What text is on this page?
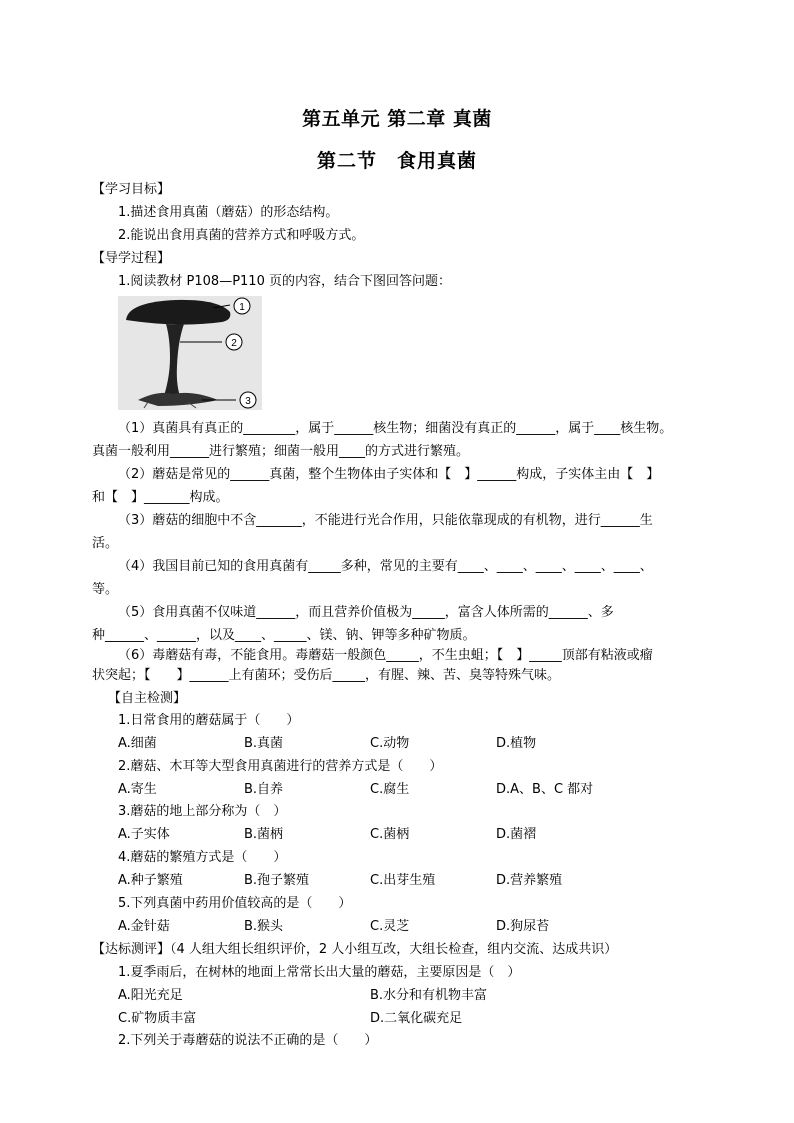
第五单元 第二章 真菌
第二节　食用真菌
【学习目标】
1.描述食用真菌（蘑菇）的形态结构。
2.能说出食用真菌的营养方式和呼吸方式。
【导学过程】
1.阅读教材 P108—P110 页的内容，结合下图回答问题：
1
2
3
（1）真菌具有真正的________，属于______核生物；细菌没有真正的______，属于____核生物。
真菌一般利用______进行繁殖；细菌一般用____的方式进行繁殖。
（2）蘑菇是常见的______真菌，整个生物体由子实体和【　】______构成，子实体主由【　】
和【　】_______构成。
（3）蘑菇的细胞中不含_______，不能进行光合作用，只能依靠现成的有机物，进行______生
活。
（4）我国目前已知的食用真菌有_____多种，常见的主要有____、____、____、____、____、
等。
（5）食用真菌不仅味道______，而且营养价值极为_____，富含人体所需的______、多
种______、______，以及____、_____、镁、钠、钾等多种矿物质。
（6）毒蘑菇有毒，不能食用。毒蘑菇一般颜色_____，不生虫蛆；【　】_____顶部有粘液或瘤
状突起；【　　】______上有菌环；受伤后_____，有腥、辣、苦、臭等特殊气味。
【自主检测】
1.日常食用的蘑菇属于（　　）
A.细菌	B.真菌	C.动物	D.植物
2.蘑菇、木耳等大型食用真菌进行的营养方式是（　　）
A.寄生	B.自养	C.腐生	D.A、B、C 都对
3.蘑菇的地上部分称为（　）
A.子实体	B.菌柄	C.菌柄	D.菌褶
4.蘑菇的繁殖方式是（　　）
A.种子繁殖	B.孢子繁殖	C.出芽生殖	D.营养繁殖
5.下列真菌中药用价值较高的是（　　）
A.金针菇	B.猴头	C.灵芝	D.狗尿苔
【达标测评】（4 人组大组长组织评价，2 人小组互改，大组长检查，组内交流、达成共识）
1.夏季雨后，在树林的地面上常常长出大量的蘑菇，主要原因是（　）
A.阳光充足	B.水分和有机物丰富
C.矿物质丰富	D.二氧化碳充足
2.下列关于毒蘑菇的说法不正确的是（　　）
